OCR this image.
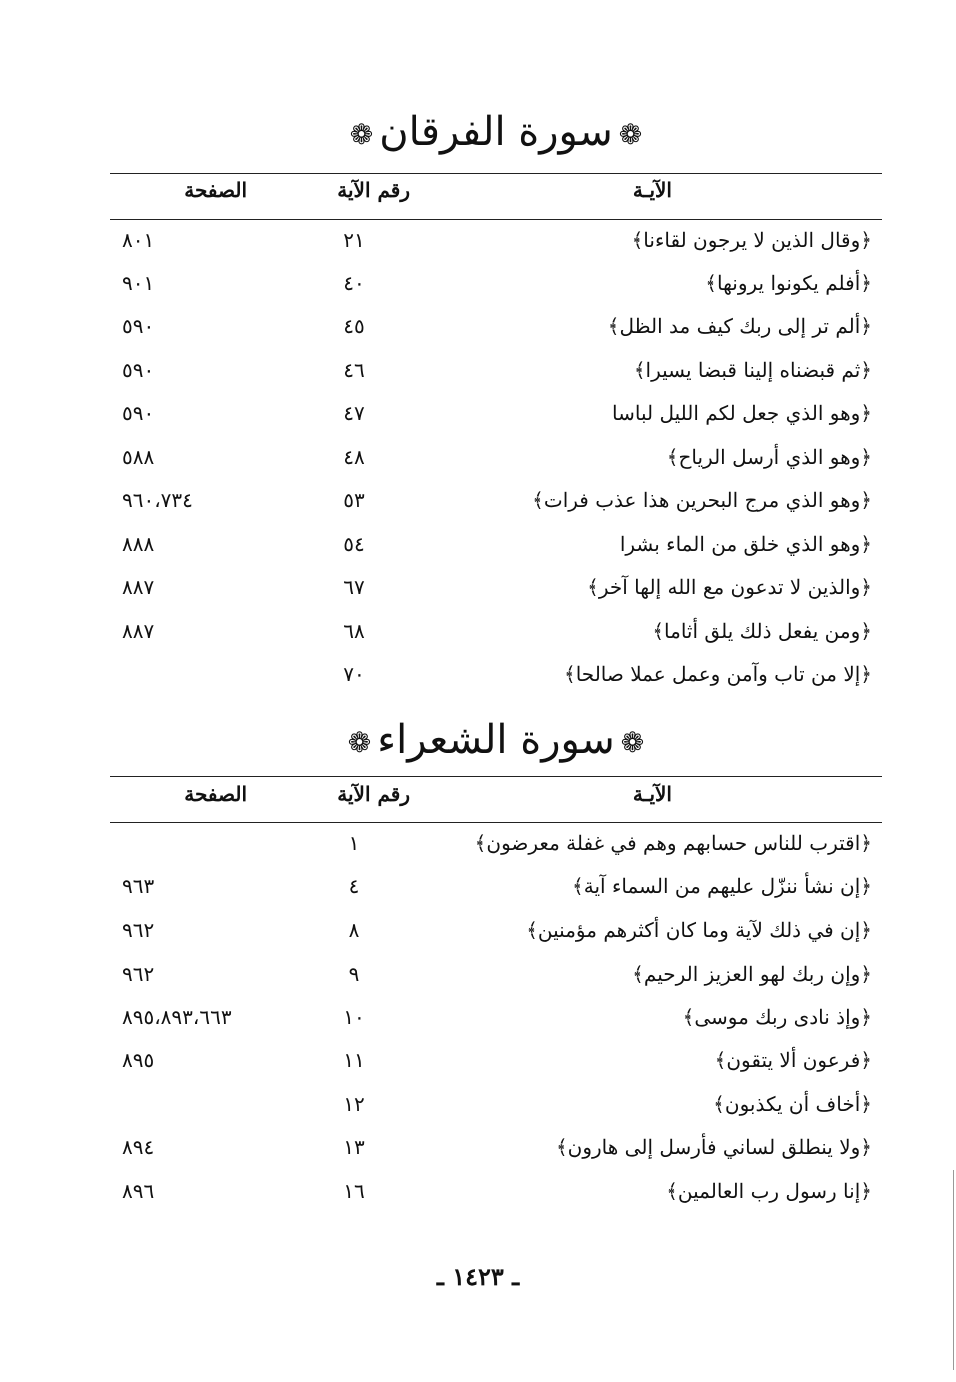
❁سورة الفرقان❁
الآيـة
رقم الآية
الصفحة
﴿وقال الذين لا يرجون لقاءنا﴾
٢١
٨٠١
﴿أفلم يكونوا يرونها﴾
٤٠
٩٠١
﴿ألم تر إلى ربك كيف مد الظل﴾
٤٥
٥٩٠
﴿ثم قبضناه إلينا قبضا يسيرا﴾
٤٦
٥٩٠
﴿وهو الذي جعل لكم الليل لباسا
٤٧
٥٩٠
﴿وهو الذي أرسل الرياح﴾
٤٨
٥٨٨
﴿وهو الذي مرج البحرين هذا عذب فرات﴾
٥٣
٩٦٠،٧٣٤
﴿وهو الذي خلق من الماء بشرا
٥٤
٨٨٨
﴿والذين لا تدعون مع الله إلها آخر﴾
٦٧
٨٨٧
﴿ومن يفعل ذلك يلق أثاما﴾
٦٨
٨٨٧
﴿إلا من تاب وآمن وعمل عملا صالحا﴾
٧٠
❁سورة الشعراء❁
الآيـة
رقم الآية
الصفحة
﴿اقترب للناس حسابهم وهم في غفلة معرضون﴾
١
﴿إن نشأ ننزّل عليهم من السماء آية﴾
٤
٩٦٣
﴿إن في ذلك لآية وما كان أكثرهم مؤمنين﴾
٨
٩٦٢
﴿وإن ربك لهو العزيز الرحيم﴾
٩
٩٦٢
﴿وإذ نادى ربك موسى﴾
١٠
٨٩٥،٨٩٣،٦٦٣
﴿فرعون ألا يتقون﴾
١١
٨٩٥
﴿أخاف أن يكذبون﴾
١٢
﴿ولا ينطلق لساني فأرسل إلى هارون﴾
١٣
٨٩٤
﴿إنا رسول رب العالمين﴾
١٦
٨٩٦
ـ ١٤٢٣ ـ
